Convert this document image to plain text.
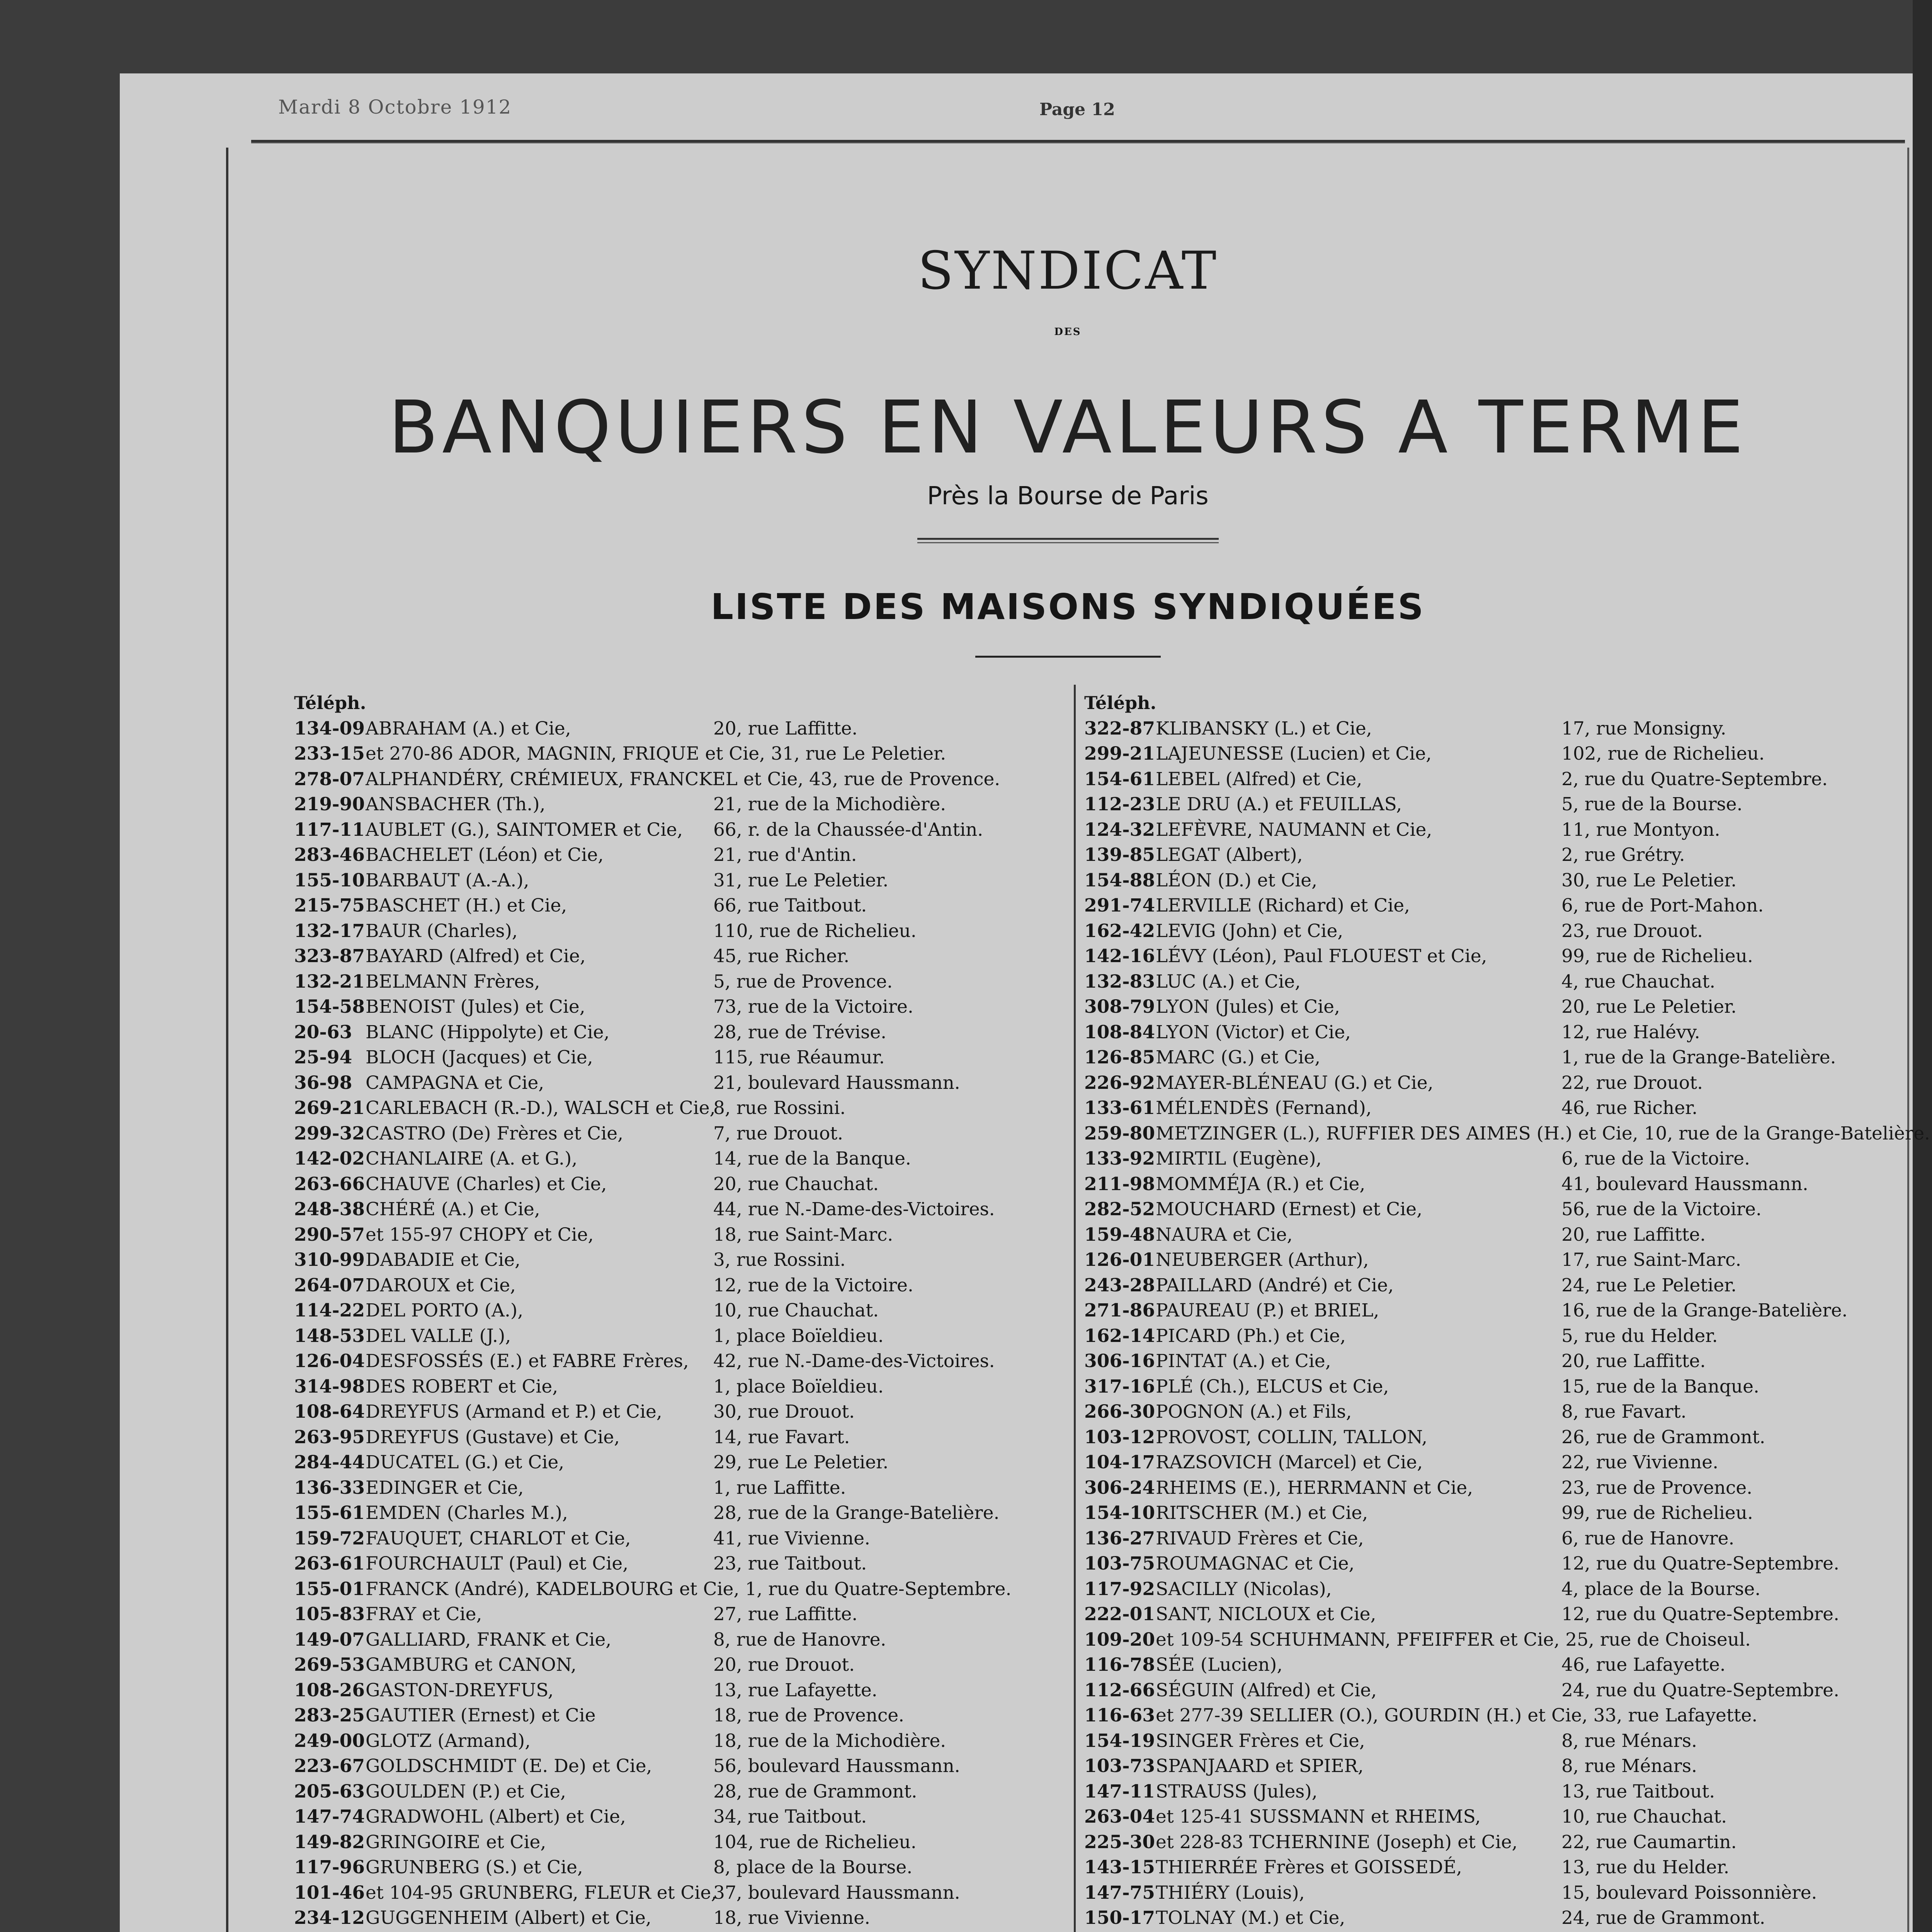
Mardi 8 Octobre 1912	Page 12
SYNDICAT
DES
BANQUIERS EN VALEURS A TERME
Près la Bourse de Paris
LISTE DES MAISONS SYNDIQUÉES
Téléph.
134-09 ABRAHAM (A.) et Cie,	20, rue Laffitte.
233-15 et 270-86 ADOR, MAGNIN, FRIQUE et Cie, 31, rue Le Peletier.
278-07 ALPHANDÉRY, CRÉMIEUX, FRANCKEL et Cie, 43, rue de Provence.
219-90 ANSBACHER (Th.),	21, rue de la Michodière.
117-11 AUBLET (G.), SAINTOMER et Cie, 66, r. de la Chaussée-d'Antin.
283-46 BACHELET (Léon) et Cie,	21, rue d'Antin.
155-10 BARBAUT (A.-A.),	31, rue Le Peletier.
215-75 BASCHET (H.) et Cie,	66, rue Taitbout.
132-17 BAUR (Charles),	110, rue de Richelieu.
323-87 BAYARD (Alfred) et Cie,	45, rue Richer.
132-21 BELMANN Frères,	5, rue de Provence.
154-58 BENOIST (Jules) et Cie,	73, rue de la Victoire.
20-63 BLANC (Hippolyte) et Cie,	28, rue de Trévise.
25-94 BLOCH (Jacques) et Cie,	115, rue Réaumur.
36-98 CAMPAGNA et Cie,	21, boulevard Haussmann.
269-21 CARLEBACH (R.-D.), WALSCH et Cie,
8, rue Rossini.
299-32 CASTRO (De) Frères et Cie,	7, rue Drouot.
142-02 CHANLAIRE (A. et G.),	14, rue de la Banque.
263-66 CHAUVE (Charles) et Cie,	20, rue Chauchat.
248-38 CHÉRÉ (A.) et Cie,	44, rue N.-Dame-des-Victoires.
290-57 et 155-97 CHOPY et Cie,	18, rue Saint-Marc.
310-99 DABADIE et Cie,	3, rue Rossini.
264-07 DAROUX et Cie,	12, rue de la Victoire.
114-22 DEL PORTO (A.),	10, rue Chauchat.
148-53 DEL VALLE (J.),	1, place Boïeldieu.
126-04 DESFOSSÉS (E.) et FABRE Frères, 42, rue N.-Dame-des-Victoires.
314-98 DES ROBERT et Cie,	1, place Boïeldieu.
108-64 DREYFUS (Armand et P.) et Cie,	30, rue Drouot.
263-95 DREYFUS (Gustave) et Cie,	14, rue Favart.
284-44 DUCATEL (G.) et Cie,	29, rue Le Peletier.
136-33 EDINGER et Cie,	1, rue Laffitte.
155-61 EMDEN (Charles M.),	28, rue de la Grange-Batelière.
159-72 FAUQUET, CHARLOT et Cie,	41, rue Vivienne.
263-61 FOURCHAULT (Paul) et Cie,	23, rue Taitbout.
155-01 FRANCK (André), KADELBOURG et Cie, 1, rue du Quatre-Septembre.
105-83 FRAY et Cie,	27, rue Laffitte.
149-07 GALLIARD, FRANK et Cie,	8, rue de Hanovre.
269-53 GAMBURG et CANON,	20, rue Drouot.
108-26 GASTON-DREYFUS,	13, rue Lafayette.
283-25 GAUTIER (Ernest) et Cie	18, rue de Provence.
249-00 GLOTZ (Armand),	18, rue de la Michodière.
223-67 GOLDSCHMIDT (E. De) et Cie,	56, boulevard Haussmann.
205-63 GOULDEN (P.) et Cie,	28, rue de Grammont.
147-74 GRADWOHL (Albert) et Cie,	34, rue Taitbout.
149-82 GRINGOIRE et Cie,	104, rue de Richelieu.
117-96 GRUNBERG (S.) et Cie,	8, place de la Bourse.
101-46 et 104-95 GRUNBERG, FLEUR et Cie,
37, boulevard Haussmann.
234-12 GUGGENHEIM (Albert) et Cie,	18, rue Vivienne.
Téléph.
322-87 KLIBANSKY (L.) et Cie,	17, rue Monsigny.
299-21 LAJEUNESSE (Lucien) et Cie,	102, rue de Richelieu.
154-61 LEBEL (Alfred) et Cie,	2, rue du Quatre-Septembre.
112-23 LE DRU (A.) et FEUILLAS,	5, rue de la Bourse.
124-32 LEFÈVRE, NAUMANN et Cie,	11, rue Montyon.
139-85 LEGAT (Albert),	2, rue Grétry.
154-88 LÉON (D.) et Cie,	30, rue Le Peletier.
291-74 LERVILLE (Richard) et Cie,	6, rue de Port-Mahon.
162-42 LEVIG (John) et Cie,	23, rue Drouot.
142-16 LÉVY (Léon), Paul FLOUEST et Cie,	99, rue de Richelieu.
132-83 LUC (A.) et Cie,	4, rue Chauchat.
308-79 LYON (Jules) et Cie,	20, rue Le Peletier.
108-84 LYON (Victor) et Cie,	12, rue Halévy.
126-85 MARC (G.) et Cie,	1, rue de la Grange-Batelière.
226-92 MAYER-BLÉNEAU (G.) et Cie,	22, rue Drouot.
133-61 MÉLENDÈS (Fernand),	46, rue Richer.
259-80 METZINGER (L.), RUFFIER DES AIMES (H.) et Cie, 10, rue de la Grange-Batelière.
133-92 MIRTIL (Eugène),	6, rue de la Victoire.
211-98 MOMMÉJA (R.) et Cie,	41, boulevard Haussmann.
282-52 MOUCHARD (Ernest) et Cie,	56, rue de la Victoire.
159-48 NAURA et Cie,	20, rue Laffitte.
126-01 NEUBERGER (Arthur),	17, rue Saint-Marc.
243-28 PAILLARD (André) et Cie,	24, rue Le Peletier.
271-86 PAUREAU (P.) et BRIEL,	16, rue de la Grange-Batelière.
162-14 PICARD (Ph.) et Cie,	5, rue du Helder.
306-16 PINTAT (A.) et Cie,	20, rue Laffitte.
317-16 PLÉ (Ch.), ELCUS et Cie,	15, rue de la Banque.
266-30 POGNON (A.) et Fils,	8, rue Favart.
103-12 PROVOST, COLLIN, TALLON,	26, rue de Grammont.
104-17 RAZSOVICH (Marcel) et Cie,	22, rue Vivienne.
306-24 RHEIMS (E.), HERRMANN et Cie,	23, rue de Provence.
154-10 RITSCHER (M.) et Cie,	99, rue de Richelieu.
136-27 RIVAUD Frères et Cie,	6, rue de Hanovre.
103-75 ROUMAGNAC et Cie,	12, rue du Quatre-Septembre.
117-92 SACILLY (Nicolas),	4, place de la Bourse.
222-01 SANT, NICLOUX et Cie,	12, rue du Quatre-Septembre.
109-20 et 109-54 SCHUHMANN, PFEIFFER et Cie, 25, rue de Choiseul.
116-78 SÉE (Lucien),	46, rue Lafayette.
112-66 SÉGUIN (Alfred) et Cie,	24, rue du Quatre-Septembre.
116-63 et 277-39 SELLIER (O.), GOURDIN (H.) et Cie, 33, rue Lafayette.
154-19 SINGER Frères et Cie,	8, rue Ménars.
103-73 SPANJAARD et SPIER,	8, rue Ménars.
147-11 STRAUSS (Jules),	13, rue Taitbout.
263-04 et 125-41 SUSSMANN et RHEIMS,	10, rue Chauchat.
225-30 et 228-83 TCHERNINE (Joseph) et Cie, 22, rue Caumartin.
143-15 THIERRÉE Frères et GOISSEDÉ,	13, rue du Helder.
147-75 THIÉRY (Louis),	15, boulevard Poissonnière.
150-17 TOLNAY (M.) et Cie,	24, rue de Grammont.
